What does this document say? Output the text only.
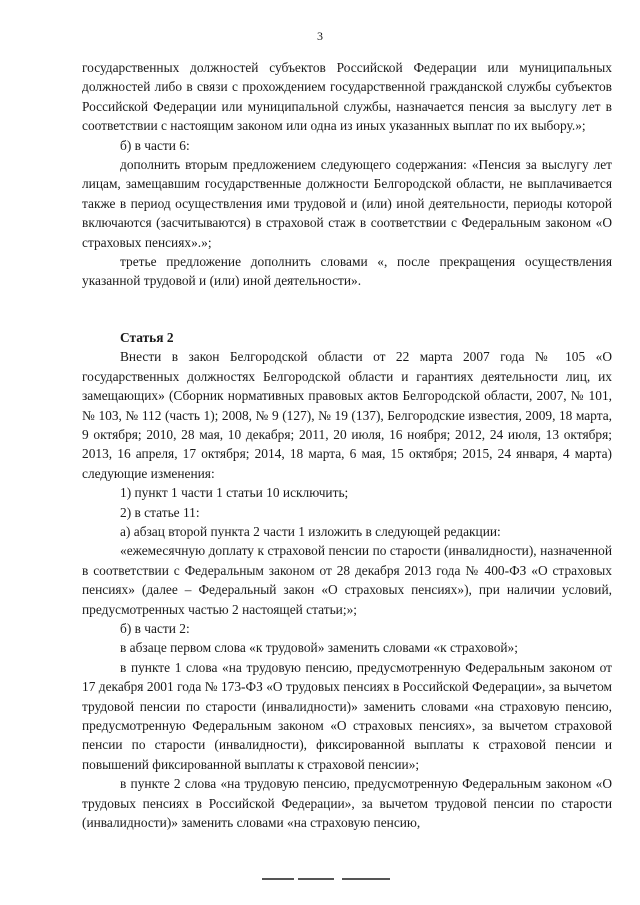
3

государственных должностей субъектов Российской Федерации или муниципальных должностей либо в связи с прохождением государственной гражданской службы субъектов Российской Федерации или муниципальной службы, назначается пенсия за выслугу лет в соответствии с настоящим законом или одна из иных указанных выплат по их выбору.»;

б) в части 6:

дополнить вторым предложением следующего содержания: «Пенсия за выслугу лет лицам, замещавшим государственные должности Белгородской области, не выплачивается также в период осуществления ими трудовой и (или) иной деятельности, периоды которой включаются (засчитываются) в страховой стаж в соответствии с Федеральным законом «О страховых пенсиях».»;

третье предложение дополнить словами «, после прекращения осуществления указанной трудовой и (или) иной деятельности».

Статья 2

Внести в закон Белгородской области от 22 марта 2007 года № 105 «О государственных должностях Белгородской области и гарантиях деятельности лиц, их замещающих» (Сборник нормативных правовых актов Белгородской области, 2007, № 101, № 103, № 112 (часть 1); 2008, № 9 (127), № 19 (137), Белгородские известия, 2009, 18 марта, 9 октября; 2010, 28 мая, 10 декабря; 2011, 20 июля, 16 ноября; 2012, 24 июля, 13 октября; 2013, 16 апреля, 17 октября; 2014, 18 марта, 6 мая, 15 октября; 2015, 24 января, 4 марта) следующие изменения:

1) пункт 1 части 1 статьи 10 исключить;

2) в статье 11:

а) абзац второй пункта 2 части 1 изложить в следующей редакции:

«ежемесячную доплату к страховой пенсии по старости (инвалидности), назначенной в соответствии с Федеральным законом от 28 декабря 2013 года № 400-ФЗ «О страховых пенсиях» (далее – Федеральный закон «О страховых пенсиях»), при наличии условий, предусмотренных частью 2 настоящей статьи;»;

б) в части 2:

в абзаце первом слова «к трудовой» заменить словами «к страховой»;

в пункте 1 слова «на трудовую пенсию, предусмотренную Федеральным законом от 17 декабря 2001 года № 173-ФЗ «О трудовых пенсиях в Российской Федерации», за вычетом трудовой пенсии по старости (инвалидности)» заменить словами «на страховую пенсию, предусмотренную Федеральным законом «О страховых пенсиях», за вычетом страховой пенсии по старости (инвалидности), фиксированной выплаты к страховой пенсии и повышений фиксированной выплаты к страховой пенсии»;

в пункте 2 слова «на трудовую пенсию, предусмотренную Федеральным законом «О трудовых пенсиях в Российской Федерации», за вычетом трудовой пенсии по старости (инвалидности)» заменить словами «на страховую пенсию,
